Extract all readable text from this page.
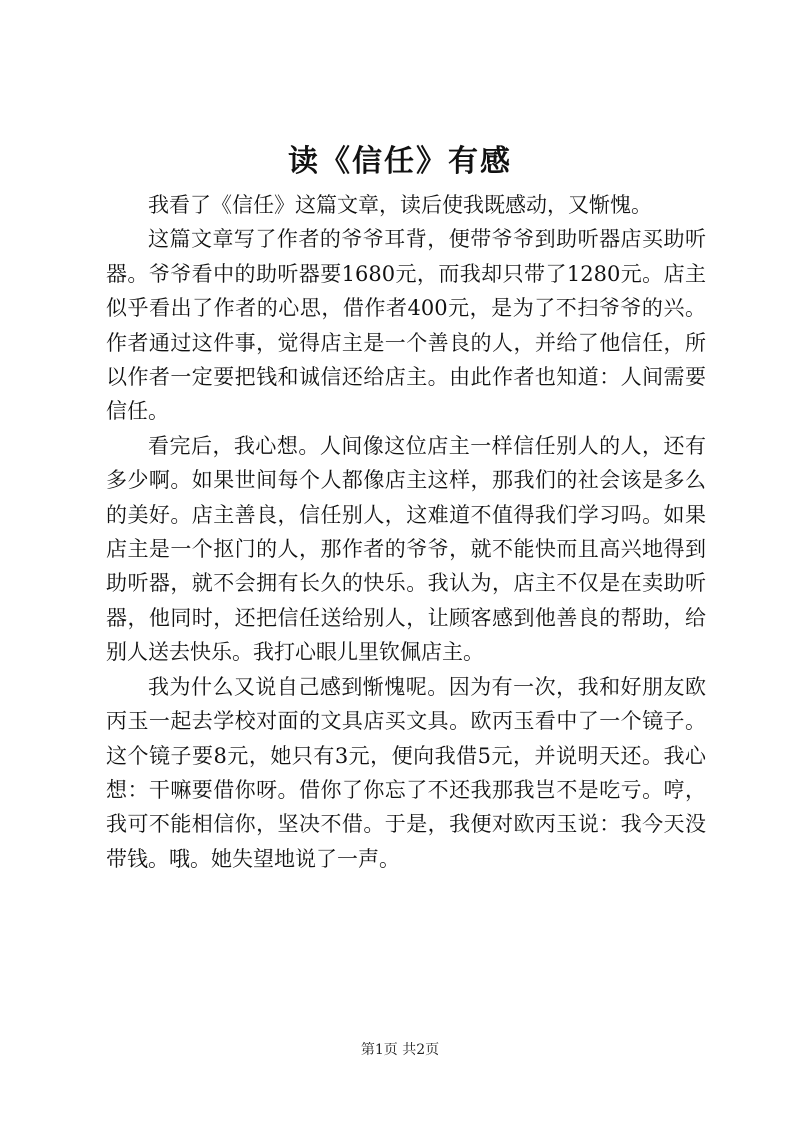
读《信任》有感

我看了《信任》这篇文章，读后使我既感动，又惭愧。

这篇文章写了作者的爷爷耳背，便带爷爷到助听器店买助听器。爷爷看中的助听器要1680元，而我却只带了1280元。店主似乎看出了作者的心思，借作者400元，是为了不扫爷爷的兴。作者通过这件事，觉得店主是一个善良的人，并给了他信任，所以作者一定要把钱和诚信还给店主。由此作者也知道：人间需要信任。

看完后，我心想。人间像这位店主一样信任别人的人，还有多少啊。如果世间每个人都像店主这样，那我们的社会该是多么的美好。店主善良，信任别人，这难道不值得我们学习吗。如果店主是一个抠门的人，那作者的爷爷，就不能快而且高兴地得到助听器，就不会拥有长久的快乐。我认为，店主不仅是在卖助听器，他同时，还把信任送给别人，让顾客感到他善良的帮助，给别人送去快乐。我打心眼儿里钦佩店主。

我为什么又说自己感到惭愧呢。因为有一次，我和好朋友欧丙玉一起去学校对面的文具店买文具。欧丙玉看中了一个镜子。这个镜子要8元，她只有3元，便向我借5元，并说明天还。我心想：干嘛要借你呀。借你了你忘了不还我那我岂不是吃亏。哼，我可不能相信你，坚决不借。于是，我便对欧丙玉说：我今天没带钱。哦。她失望地说了一声。

第1页 共2页
